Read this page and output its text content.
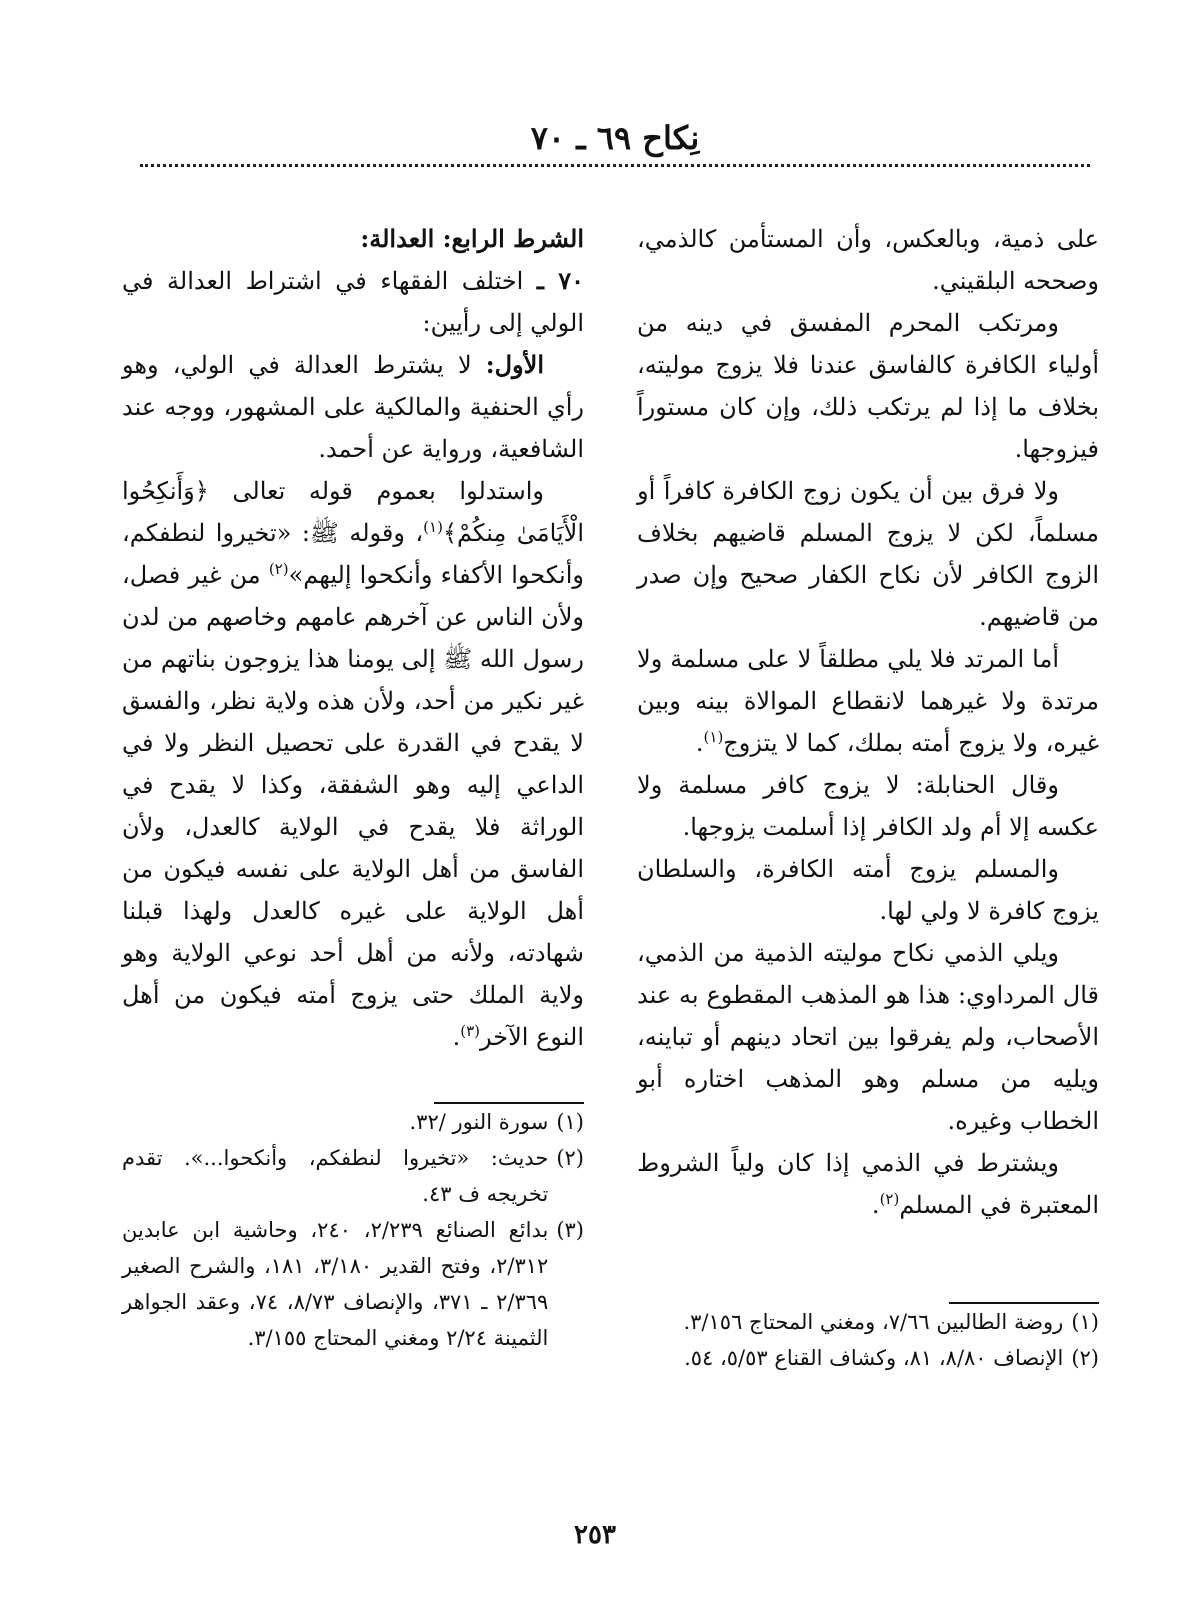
نِكاح ٦٩ ـ ٧٠

الشرط الرابع: العدالة:

٧٠ ـ اختلف الفقهاء في اشتراط العدالة في الولي إلى رأيين:

الأول: لا يشترط العدالة في الولي، وهو رأي الحنفية والمالكية على المشهور، ووجه عند الشافعية، ورواية عن أحمد.

واستدلوا بعموم قوله تعالى ﴿وَأَنكِحُوا الْأَيَامَىٰ مِنكُمْ﴾$^{(١)}$، وقوله ﷺ: «تخيروا لنطفكم، وأنكحوا الأكفاء وأنكحوا إليهم»$^{(٢)}$ من غير فصل، ولأن الناس عن آخرهم عامهم وخاصهم من لدن رسول الله ﷺ إلى يومنا هذا يزوجون بناتهم من غير نكير من أحد، ولأن هذه ولاية نظر، والفسق لا يقدح في القدرة على تحصيل النظر ولا في الداعي إليه وهو الشفقة، وكذا لا يقدح في الوراثة فلا يقدح في الولاية كالعدل، ولأن الفاسق من أهل الولاية على نفسه فيكون من أهل الولاية على غيره كالعدل ولهذا قبلنا شهادته، ولأنه من أهل أحد نوعي الولاية وهو ولاية الملك حتى يزوج أمته فيكون من أهل النوع الآخر$^{(٣)}$.

على ذمية، وبالعكس، وأن المستأمن كالذمي، وصححه البلقيني.

ومرتكب المحرم المفسق في دينه من أولياء الكافرة كالفاسق عندنا فلا يزوج موليته، بخلاف ما إذا لم يرتكب ذلك، وإن كان مستوراً فيزوجها.

ولا فرق بين أن يكون زوج الكافرة كافراً أو مسلماً، لكن لا يزوج المسلم قاضيهم بخلاف الزوج الكافر لأن نكاح الكفار صحيح وإن صدر من قاضيهم.

أما المرتد فلا يلي مطلقاً لا على مسلمة ولا مرتدة ولا غيرهما لانقطاع الموالاة بينه وبين غيره، ولا يزوج أمته بملك، كما لا يتزوج$^{(١)}$.

وقال الحنابلة: لا يزوج كافر مسلمة ولا عكسه إلا أم ولد الكافر إذا أسلمت يزوجها.

والمسلم يزوج أمته الكافرة، والسلطان يزوج كافرة لا ولي لها.

ويلي الذمي نكاح موليته الذمية من الذمي، قال المرداوي: هذا هو المذهب المقطوع به عند الأصحاب، ولم يفرقوا بين اتحاد دينهم أو تباينه، ويليه من مسلم وهو المذهب اختاره أبو الخطاب وغيره.

ويشترط في الذمي إذا كان ولياً الشروط المعتبرة في المسلم$^{(٢)}$.

(١)
سورة النور /٣٢.
(٢)
حديث: «تخيروا لنطفكم، وأنكحوا...». تقدم تخريجه ف ٤٣.
(٣)
بدائع الصنائع ٢/٢٣٩، ٢٤٠، وحاشية ابن عابدين ٢/٣١٢، وفتح القدير ٣/١٨٠، ١٨١، والشرح الصغير ٢/٣٦٩ ـ ٣٧١، والإنصاف ٨/٧٣، ٧٤، وعقد الجواهر الثمينة ٢/٢٤ ومغني المحتاج ٣/١٥٥.
(١)
روضة الطالبين ٧/٦٦، ومغني المحتاج ٣/١٥٦.
(٢)
الإنصاف ٨/٨٠، ٨١، وكشاف القناع ٥/٥٣، ٥٤.
٢٥٣
